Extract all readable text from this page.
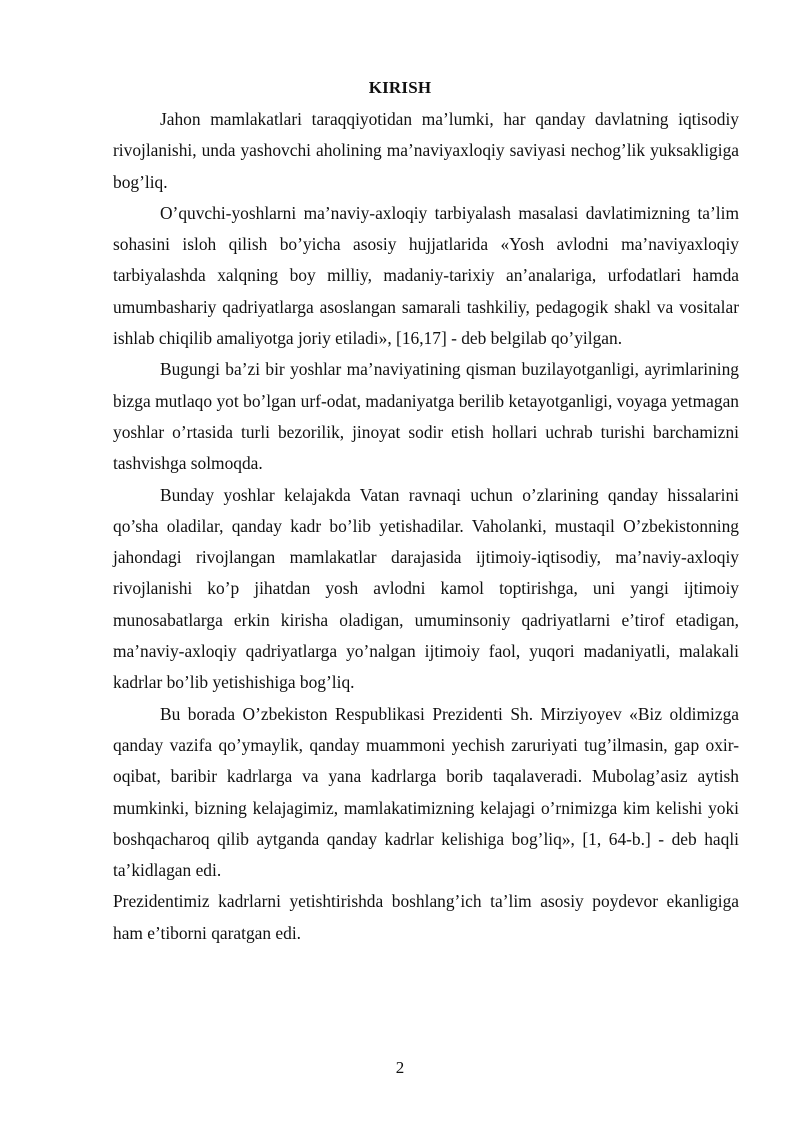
KIRISH

Jahon mamlakatlari taraqqiyotidan ma’lumki, har qanday davlatning iqtisodiy rivojlanishi, unda yashovchi aholining ma’naviyaxloqiy saviyasi nechog’lik yuksakligiga bog’liq.

O’quvchi-yoshlarni ma’naviy-axloqiy tarbiyalash masalasi davlatimizning ta’lim sohasini isloh qilish bo’yicha asosiy hujjatlarida «Yosh avlodni ma’naviyaxloqiy tarbiyalashda xalqning boy milliy, madaniy-tarixiy an’analariga, urfodatlari hamda umumbashariy qadriyatlarga asoslangan samarali tashkiliy, pedagogik shakl va vositalar ishlab chiqilib amaliyotga joriy etiladi», [16,17] - deb belgilab qo’yilgan.

Bugungi ba’zi bir yoshlar ma’naviyatining qisman buzilayotganligi, ayrimlarining bizga mutlaqo yot bo’lgan urf-odat, madaniyatga berilib ketayotganligi, voyaga yetmagan yoshlar o’rtasida turli bezorilik, jinoyat sodir etish hollari uchrab turishi barchamizni tashvishga solmoqda.

Bunday yoshlar kelajakda Vatan ravnaqi uchun o’zlarining qanday hissalarini qo’sha oladilar, qanday kadr bo’lib yetishadilar. Vaholanki, mustaqil O’zbekistonning jahondagi rivojlangan mamlakatlar darajasida ijtimoiy-iqtisodiy, ma’naviy-axloqiy rivojlanishi ko’p jihatdan yosh avlodni kamol toptirishga, uni yangi ijtimoiy munosabatlarga erkin kirisha oladigan, umuminsoniy qadriyatlarni e’tirof etadigan, ma’naviy-axloqiy qadriyatlarga yo’nalgan ijtimoiy faol, yuqori madaniyatli, malakali kadrlar bo’lib yetishishiga bog’liq.

Bu borada O’zbekiston Respublikasi Prezidenti Sh. Mirziyoyev «Biz oldimizga qanday vazifa qo’ymaylik, qanday muammoni yechish zaruriyati tug’ilmasin, gap oxir-oqibat, baribir kadrlarga va yana kadrlarga borib taqalaveradi. Mubolag’asiz aytish mumkinki, bizning kelajagimiz, mamlakatimizning kelajagi o’rnimizga kim kelishi yoki boshqacharoq qilib aytganda qanday kadrlar kelishiga bog’liq», [1, 64-b.] - deb haqli ta’kidlagan edi.

Prezidentimiz kadrlarni yetishtirishda boshlang’ich ta’lim asosiy poydevor ekanligiga ham e’tiborni qaratgan edi.

2
